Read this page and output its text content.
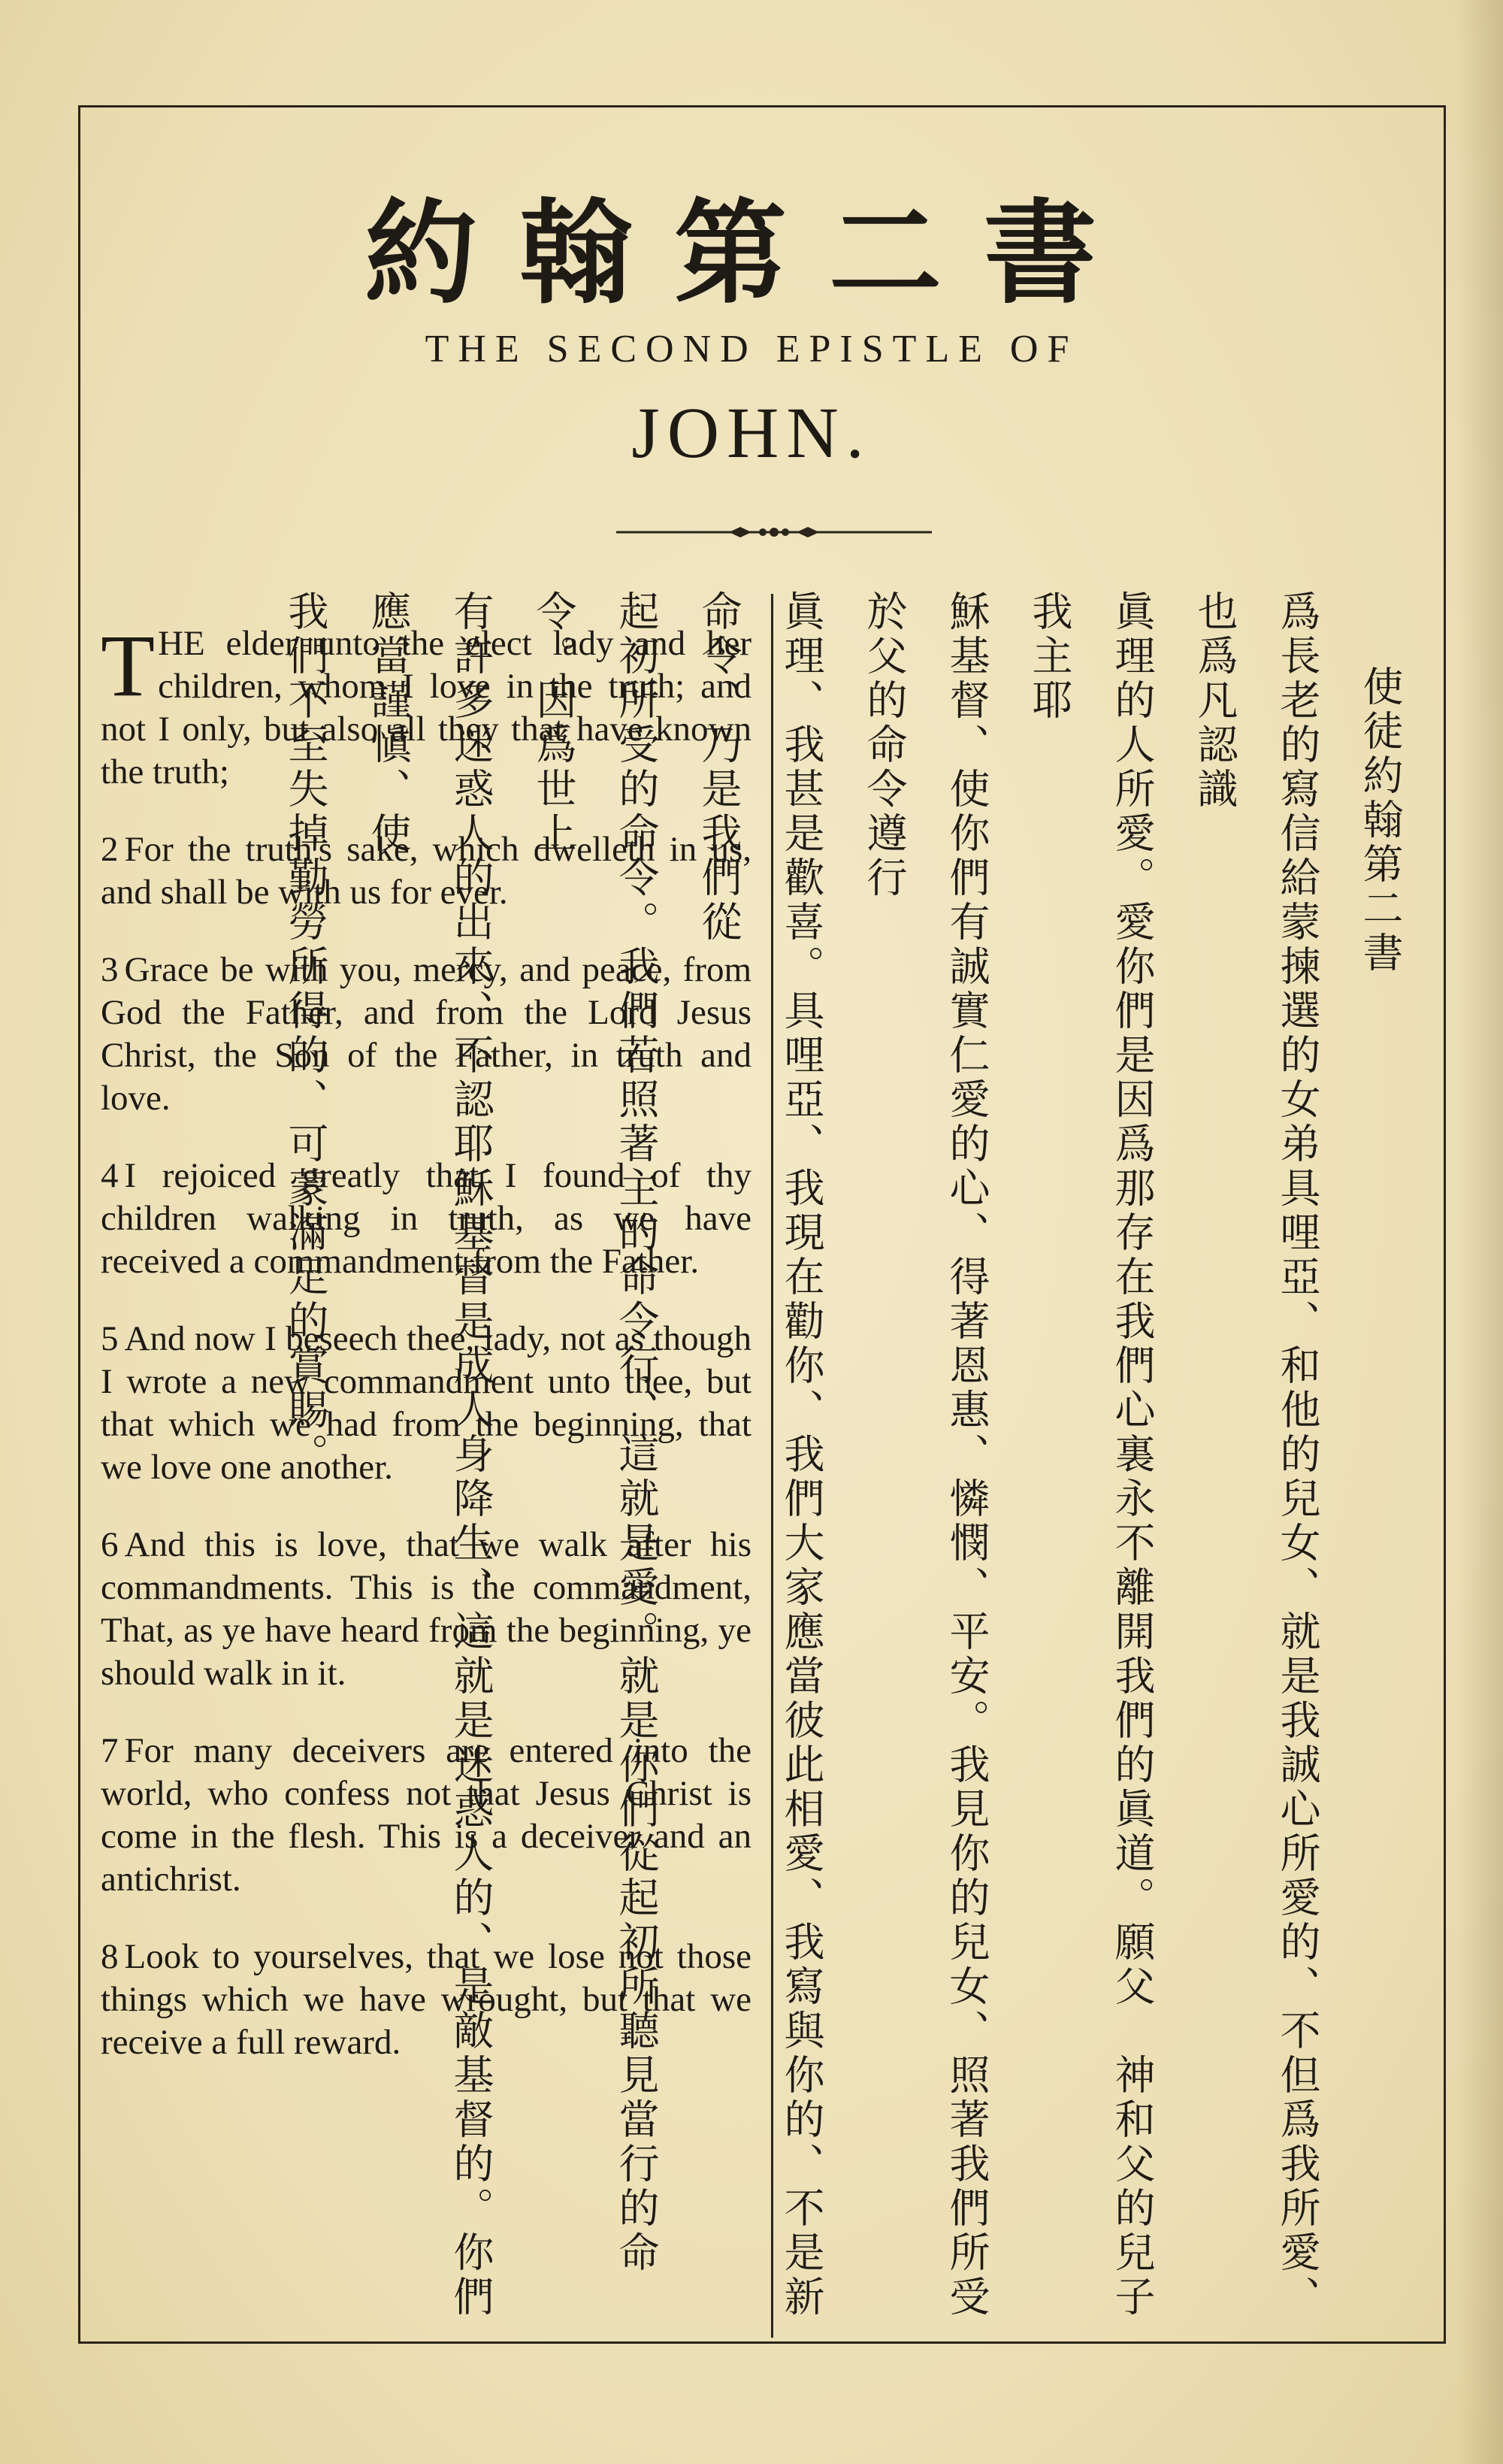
約翰第二書
THE SECOND EPISTLE OF
JOHN.

THE elder unto the elect lady and her children, whom I love in the truth; and not I only, but also all they that have known the truth;

2 For the truth's sake, which dwelleth in us, and shall be with us for ever.

3 Grace be with you, mercy, and peace, from God the Father, and from the Lord Jesus Christ, the Son of the Father, in truth and love.

4 I rejoiced greatly that I found of thy children walking in truth, as we have received a commandment from the Father.

5 And now I beseech thee, lady, not as though I wrote a new commandment unto thee, but that which we had from the beginning, that we love one another.

6 And this is love, that we walk after his commandments. This is the commandment, That, as ye have heard from the beginning, ye should walk in it.

7 For many deceivers are entered into the world, who confess not that Jesus Christ is come in the flesh. This is a deceiver and an antichrist.

8 Look to yourselves, that we lose not those things which we have wrought, but that we receive a full reward.

使徒約翰第二書
爲長老的寫信給蒙揀選的女弟具哩亞、和他的兒女、就是我誠心所愛的、不但爲我所愛、也爲凡認識
眞理的人所愛。愛你們是因爲那存在我們心裏永不離開我們的眞道。願父　神和父的兒子我主耶
穌基督、使你們有誠實仁愛的心、得著恩惠、憐憫、平安。我見你的兒女、照著我們所受於父的命令遵行
眞理、我甚是歡喜。具哩亞、我現在勸你、我們大家應當彼此相愛、我寫與你的、不是新命令、乃是我們從
起初所受的命令。我們若照著主的命令行、這就是愛。就是你們從起初所聽見當行的命令。因爲世上
有許多迷惑人的出來、不認耶穌基督是成人身降生、這就是迷惑人的、是敵基督的。你們應當謹愼、使
我們不至失掉勤勞所得的、可蒙滿足的賞賜。
